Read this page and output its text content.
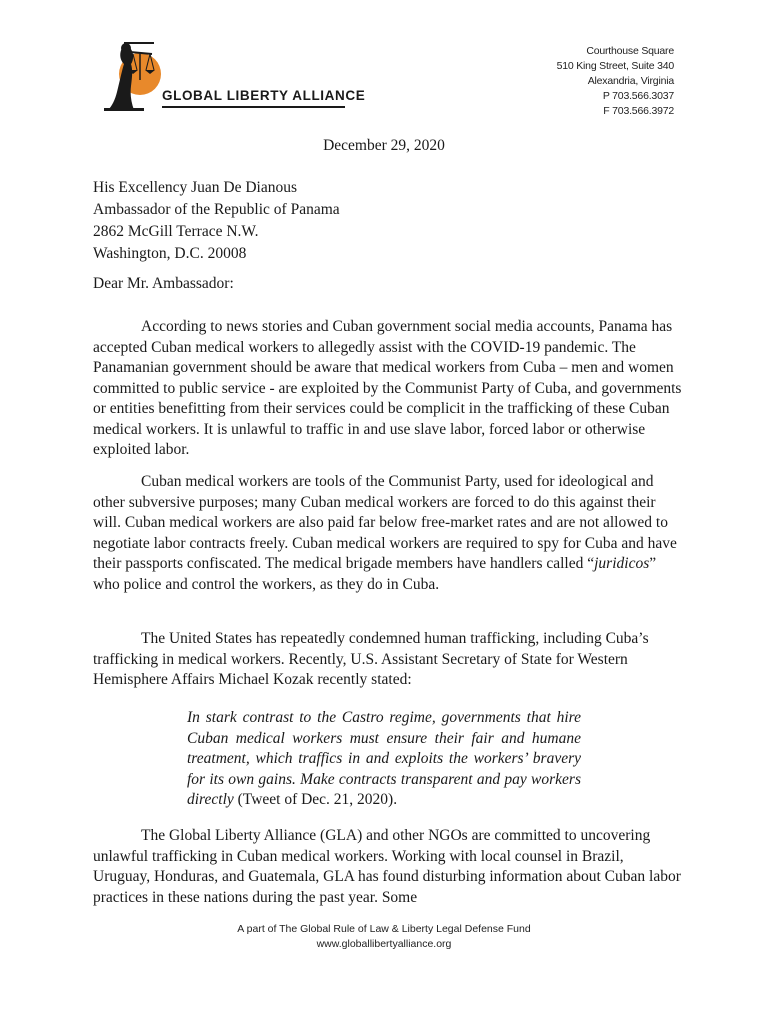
GLOBAL LIBERTY ALLIANCE
Courthouse Square
510 King Street, Suite 340
Alexandria, Virginia
P 703.566.3037
F 703.566.3972
December 29, 2020
His Excellency Juan De Dianous
Ambassador of the Republic of Panama
2862 McGill Terrace N.W.
Washington, D.C. 20008
Dear Mr. Ambassador:
According to news stories and Cuban government social media accounts, Panama has accepted Cuban medical workers to allegedly assist with the COVID-19 pandemic. The Panamanian government should be aware that medical workers from Cuba – men and women committed to public service - are exploited by the Communist Party of Cuba, and governments or entities benefitting from their services could be complicit in the trafficking of these Cuban medical workers. It is unlawful to traffic in and use slave labor, forced labor or otherwise exploited labor.
Cuban medical workers are tools of the Communist Party, used for ideological and other subversive purposes; many Cuban medical workers are forced to do this against their will. Cuban medical workers are also paid far below free-market rates and are not allowed to negotiate labor contracts freely. Cuban medical workers are required to spy for Cuba and have their passports confiscated. The medical brigade members have handlers called “juridicos” who police and control the workers, as they do in Cuba.
The United States has repeatedly condemned human trafficking, including Cuba’s trafficking in medical workers. Recently, U.S. Assistant Secretary of State for Western Hemisphere Affairs Michael Kozak recently stated:
In stark contrast to the Castro regime, governments that hire Cuban medical workers must ensure their fair and humane treatment, which traffics in and exploits the workers’ bravery for its own gains. Make contracts transparent and pay workers directly (Tweet of Dec. 21, 2020).
The Global Liberty Alliance (GLA) and other NGOs are committed to uncovering unlawful trafficking in Cuban medical workers. Working with local counsel in Brazil, Uruguay, Honduras, and Guatemala, GLA has found disturbing information about Cuban labor practices in these nations during the past year. Some
A part of The Global Rule of Law & Liberty Legal Defense Fund
www.globallibertyalliance.org
